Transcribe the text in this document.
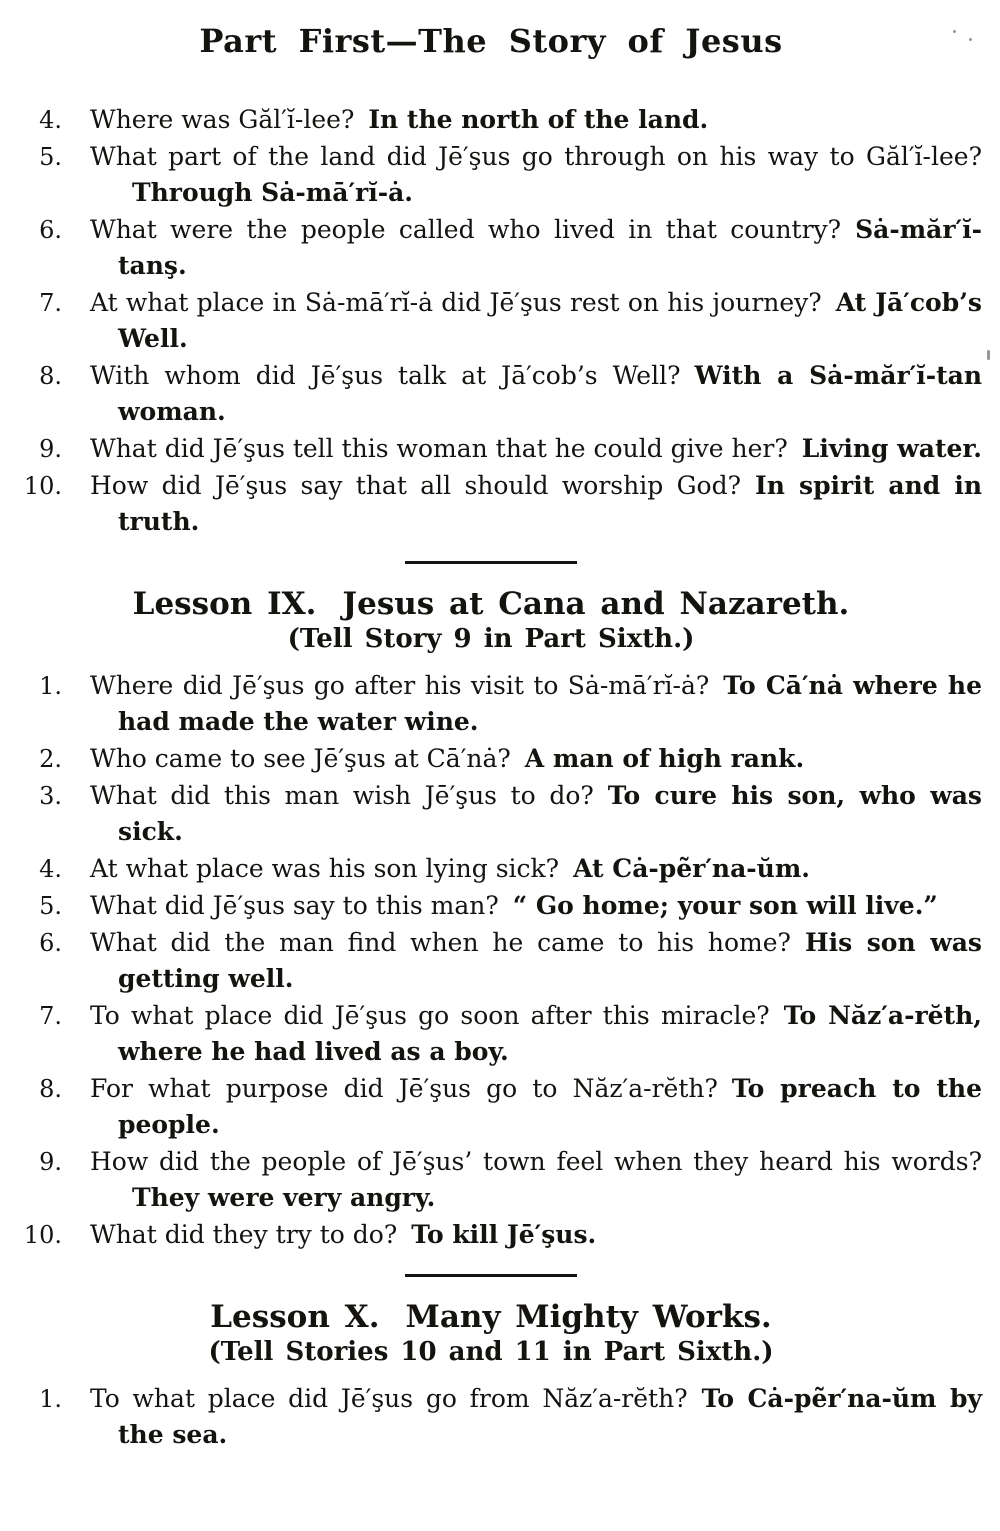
Part First—The Story of Jesus
4. Where was Găl′ĭ-lee? In the north of the land.

5. What part of the land did Jē′şus go through on his way to Găl′ĭ-lee?Through Sȧ-mā′rĭ-ȧ.

6. What were the people called who lived in that country? Sȧ-măr′ĭ-tanş.

7. At what place in Sȧ-mā′rĭ-ȧ did Jē′şus rest on his journey? At Jā′cob’s Well.

8. With whom did Jē′şus talk at Jā′cob’s Well? With a Sȧ-măr′ĭ-tan woman.

9. What did Jē′şus tell this woman that he could give her? Living water.

10. How did Jē′şus say that all should worship God? In spirit and in truth.

Lesson IX. Jesus at Cana and Nazareth.
(Tell Story 9 in Part Sixth.)
1. Where did Jē′şus go after his visit to Sȧ-mā′rĭ-ȧ? To Cā′nȧ where he had made the water wine.

2. Who came to see Jē′şus at Cā′nȧ? A man of high rank.

3. What did this man wish Jē′şus to do? To cure his son, who was sick.

4. At what place was his son lying sick? At Cȧ-pẽr′na-ŭm.

5. What did Jē′şus say to this man? “ Go home; your son will live.”

6. What did the man find when he came to his home? His son was getting well.

7. To what place did Jē′şus go soon after this miracle? To Năz′a-rĕth, where he had lived as a boy.

8. For what purpose did Jē′şus go to Năz′a-rĕth? To preach to the people.

9. How did the people of Jē′şus’ town feel when they heard his words?They were very angry.

10. What did they try to do? To kill Jē′şus.

Lesson X. Many Mighty Works.
(Tell Stories 10 and 11 in Part Sixth.)
1. To what place did Jē′şus go from Năz′a-rĕth? To Cȧ-pẽr′na-ŭm by the sea.
